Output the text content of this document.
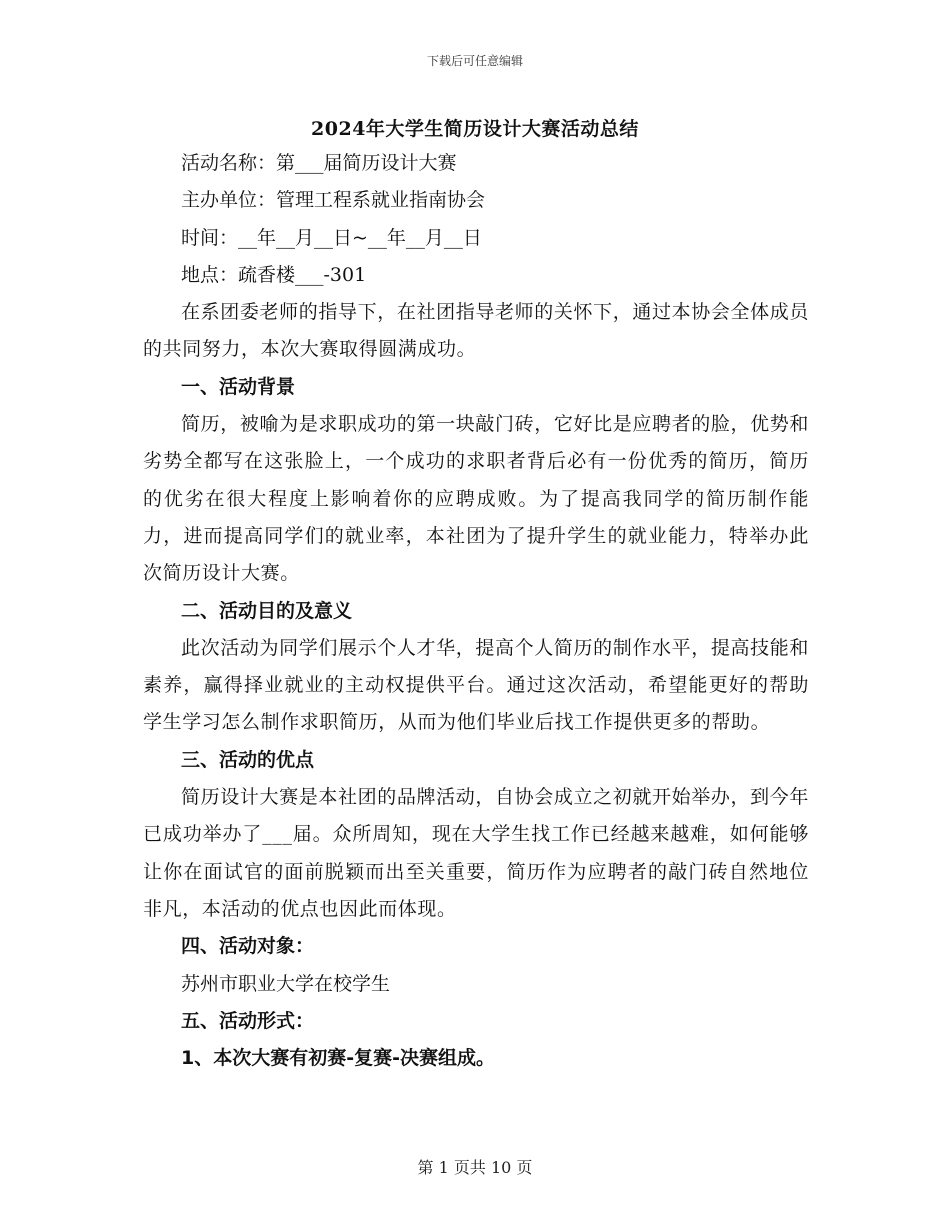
下载后可任意编辑
2024年大学生简历设计大赛活动总结

活动名称：第___届简历设计大赛

主办单位：管理工程系就业指南协会

时间：__年__月__日~__年__月__日

地点：疏香楼___-301

在系团委老师的指导下，在社团指导老师的关怀下，通过本协会全体成员的共同努力，本次大赛取得圆满成功。

一、活动背景

简历，被喻为是求职成功的第一块敲门砖，它好比是应聘者的脸，优势和劣势全都写在这张脸上，一个成功的求职者背后必有一份优秀的简历，简历的优劣在很大程度上影响着你的应聘成败。为了提高我同学的简历制作能力，进而提高同学们的就业率，本社团为了提升学生的就业能力，特举办此次简历设计大赛。

二、活动目的及意义

此次活动为同学们展示个人才华，提高个人简历的制作水平，提高技能和素养，赢得择业就业的主动权提供平台。通过这次活动，希望能更好的帮助学生学习怎么制作求职简历，从而为他们毕业后找工作提供更多的帮助。

三、活动的优点

简历设计大赛是本社团的品牌活动，自协会成立之初就开始举办，到今年已成功举办了___届。众所周知，现在大学生找工作已经越来越难，如何能够让你在面试官的面前脱颖而出至关重要，简历作为应聘者的敲门砖自然地位非凡，本活动的优点也因此而体现。

四、活动对象：

苏州市职业大学在校学生

五、活动形式：

1、本次大赛有初赛-复赛-决赛组成。

第 1 页共 10 页
